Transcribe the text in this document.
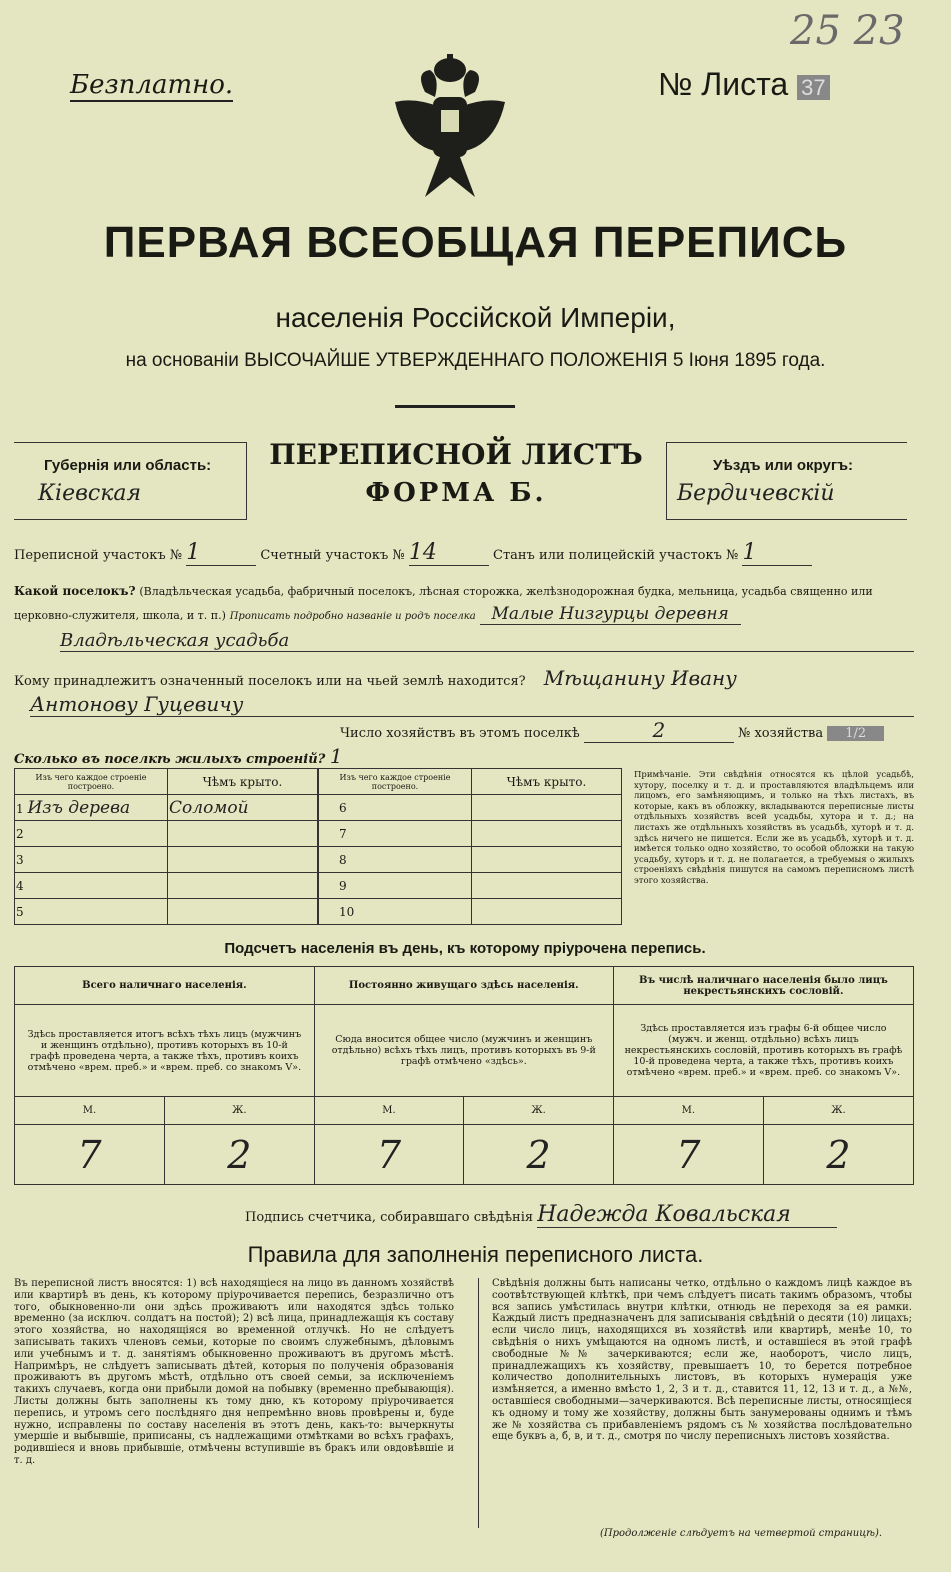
25 23
Безплатно.	№ Листа 37
ПЕРВАЯ ВСЕОБЩАЯ ПЕРЕПИСЬ
населенія Россійской Имперіи,
на основаніи ВЫСОЧАЙШЕ УТВЕРЖДЕННАГО ПОЛОЖЕНІЯ 5 Іюня 1895 года.
Губернія или область:
Кіевская
ПЕРЕПИСНОЙ ЛИСТЪ
ФОРМА Б.
Уѣздъ или округъ:
Бердичевскій
Переписной участокъ № 1	Счетный участокъ № 14	Станъ или полицейскій участокъ № 1
Какой поселокъ? (Владѣльческая усадьба, фабричный поселокъ, лѣсная сторожка, желѣзнодорожная будка, мельница, усадьба священно или церковно-служителя, школа, и т. п.) Прописать подробно названіе и родъ поселка Малые Низгурцы деревня
Владѣльческая усадьба
Кому принадлежитъ означенный поселокъ или на чьей землѣ находится? Мѣщанину Ивану
Антонову Гуцевичу
Число хозяйствъ въ этомъ поселкѣ	2	№ хозяйства 1/2
Сколько въ поселкѣ жилыхъ строеній? 1
Изъ чего каждое строеніе построено.	Чѣмъ крыто.
1 Изъ дерева	Соломой
2	
3	
4	
5	
Изъ чего каждое строеніе построено.	Чѣмъ крыто.
6	
7	
8	
9	
10	
Примѣчаніе. Эти свѣдѣнія относятся къ цѣлой усадьбѣ, хутору, поселку и т. д. и проставляются владѣльцемъ или лицомъ, его замѣняющимъ, и только на тѣхъ листахъ, въ которые, какъ въ обложку, вкладываются переписные листы отдѣльныхъ хозяйствъ всей усадьбы, хутора и т. д.; на листахъ же отдѣльныхъ хозяйствъ въ усадьбѣ, хуторѣ и т. д. здѣсь ничего не пишется. Если же въ усадьбѣ, хуторѣ и т. д. имѣется только одно хозяйство, то особой обложки на такую усадьбу, хуторъ и т. д. не полагается, а требуемыя о жилыхъ строеніяхъ свѣдѣнія пишутся на самомъ переписномъ листѣ этого хозяйства.
Подсчетъ населенія въ день, къ которому пріурочена перепись.
Всего наличнаго населенія.		Постоянно живущаго здѣсь населенія.		Въ числѣ наличнаго населенія было лицъ некрестьянскихъ сословій.	
Здѣсь проставляется итогъ всѣхъ тѣхъ лицъ (мужчинъ и женщинъ отдѣльно), противъ которыхъ въ 10-й графѣ проведена черта, а также тѣхъ, противъ коихъ отмѣчено «врем. преб.» и «врем. преб. со знакомъ V».		Сюда вносится общее число (мужчинъ и женщинъ отдѣльно) всѣхъ тѣхъ лицъ, противъ которыхъ въ 9-й графѣ отмѣчено «здѣсь».		Здѣсь проставляется изъ графы 6-й общее число (мужч. и женщ. отдѣльно) всѣхъ лицъ некрестьянскихъ сословій, противъ которыхъ въ графѣ 10-й проведена черта, а также тѣхъ, противъ коихъ отмѣчено «врем. преб.» и «врем. преб. со знакомъ V».	
М.	Ж.	М.	Ж.	М.	Ж.
7	2	7	2	7	2
Подпись счетчика, собиравшаго свѣдѣнія Надежда Ковальская
Правила для заполненія переписного листа.
Въ переписной листъ вносятся: 1) всѣ находящіеся на лицо въ данномъ хозяйствѣ или квартирѣ въ день, къ которому пріурочивается перепись, безразлично отъ того, обыкновенно-ли они здѣсь проживаютъ или находятся здѣсь только временно (за исключ. солдатъ на постой); 2) всѣ лица, принадлежащія къ составу этого хозяйства, но находящіяся во временной отлучкѣ. Но не слѣдуетъ записывать такихъ членовъ семьи, которые по своимъ служебнымъ, дѣловымъ или учебнымъ и т. д. занятіямъ обыкновенно проживаютъ въ другомъ мѣстѣ. Напримѣръ, не слѣдуетъ записывать дѣтей, которыя по полученія образованія проживаютъ въ другомъ мѣстѣ, отдѣльно отъ своей семьи, за исключеніемъ такихъ случаевъ, когда они прибыли домой на побывку (временно пребывающія). Листы должны быть заполнены къ тому дню, къ которому пріурочивается перепись, и утромъ сего послѣдняго дня непремѣнно вновь провѣрены и, буде нужно, исправлены по составу населенія въ этотъ день, какъ-то: вычеркнуты умершіе и выбывшіе, приписаны, съ надлежащими отмѣтками во всѣхъ графахъ, родившіеся и вновь прибывшіе, отмѣчены вступившіе въ бракъ или овдовѣвшіе и т. д.
Свѣдѣнія должны быть написаны четко, отдѣльно о каждомъ лицѣ каждое въ соотвѣтствующей клѣткѣ, при чемъ слѣдуетъ писать такимъ образомъ, чтобы вся запись умѣстилась внутри клѣтки, отнюдь не переходя за ея рамки. Каждый листъ предназначенъ для записыванія свѣдѣній о десяти (10) лицахъ; если число лицъ, находящихся въ хозяйствѣ или квартирѣ, менѣе 10, то свѣдѣнія о нихъ умѣщаются на одномъ листѣ, и оставшіеся въ этой графѣ свободные №№ зачеркиваются; если же, наоборотъ, число лицъ, принадлежащихъ къ хозяйству, превышаетъ 10, то берется потребное количество дополнительныхъ листовъ, въ которыхъ нумерація уже измѣняется, а именно вмѣсто 1, 2, 3 и т. д., ставится 11, 12, 13 и т. д., а №№, оставшіеся свободными—зачеркиваются. Всѣ переписные листы, относящіеся къ одному и тому же хозяйству, должны быть занумерованы однимъ и тѣмъ же № хозяйства съ прибавленіемъ рядомъ съ № хозяйства послѣдовательно еще буквъ а, б, в, и т. д., смотря по числу переписныхъ листовъ хозяйства.
(Продолженіе слѣдуетъ на четвертой страницѣ).
